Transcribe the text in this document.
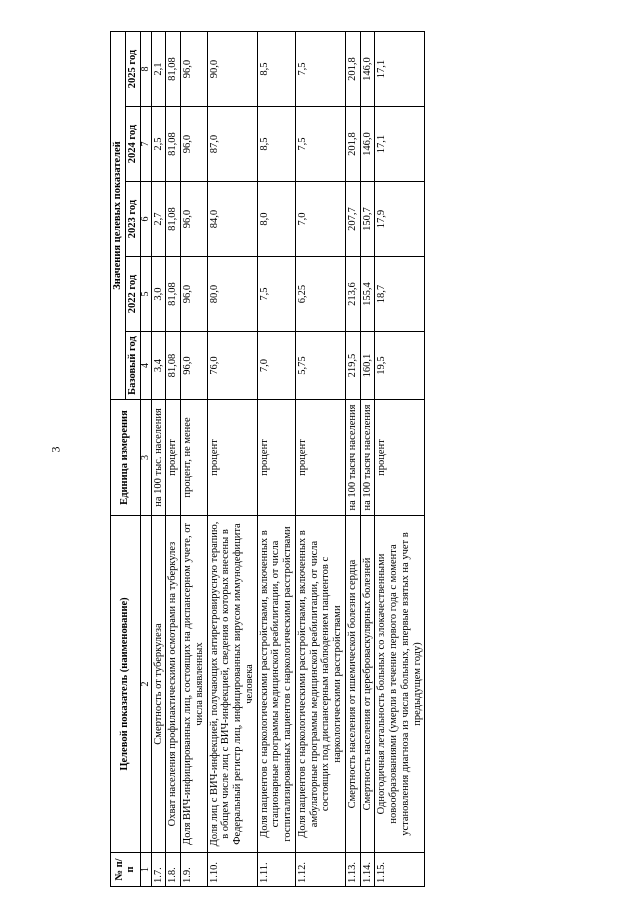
3
№ п/п	Целевой показатель (наименование)	Единица измерения	Значения целевых показателей				
			Базовый год	2022 год	2023 год	2024 год	2025 год
1	2	3	4	5	6	7	8
1.7.	Смертность от туберкулеза	на 100 тыс. населения	3,4	3,0	2,7	2,5	2,1
1.8.	Охват населения профилактическими осмотрами на туберкулез	процент	81,08	81,08	81,08	81,08	81,08
1.9.	Доля ВИЧ-инфицированных лиц, состоящих на диспансерном учете, от числа выявленных	процент, не менее	96,0	96,0	96,0	96,0	96,0
1.10.	Доля лиц с ВИЧ-инфекцией, получающих антиретровирусную терапию, в общем числе лиц с ВИЧ-инфекцией, сведения о которых внесены в Федеральный регистр лиц, инфицированных вирусом иммунодефицита человека	процент	76,0	80,0	84,0	87,0	90,0
1.11.	Доля пациентов с наркологическими расстройствами, включенных в стационарные программы медицинской реабилитации, от числа госпитализированных пациентов с наркологическими расстройствами	процент	7,0	7,5	8,0	8,5	8,5
1.12.	Доля пациентов с наркологическими расстройствами, включенных в амбулаторные программы медицинской реабилитации, от числа состоящих под диспансерным наблюдением пациентов с наркологическими расстройствами	процент	5,75	6,25	7,0	7,5	7,5
1.13.	Смертность населения от ишемической болезни сердца	на 100 тысяч населения	219,5	213,6	207,7	201,8	201,8
1.14.	Смертность населения от цереброваскулярных болезней	на 100 тысяч населения	160,1	155,4	150,7	146,0	146,0
1.15.	Одногодичная летальность больных со злокачественными новообразованиями (умерли в течение первого года с момента установления диагноза из числа больных, впервые взятых на учет в предыдущем году)	процент	19,5	18,7	17,9	17,1	17,1
